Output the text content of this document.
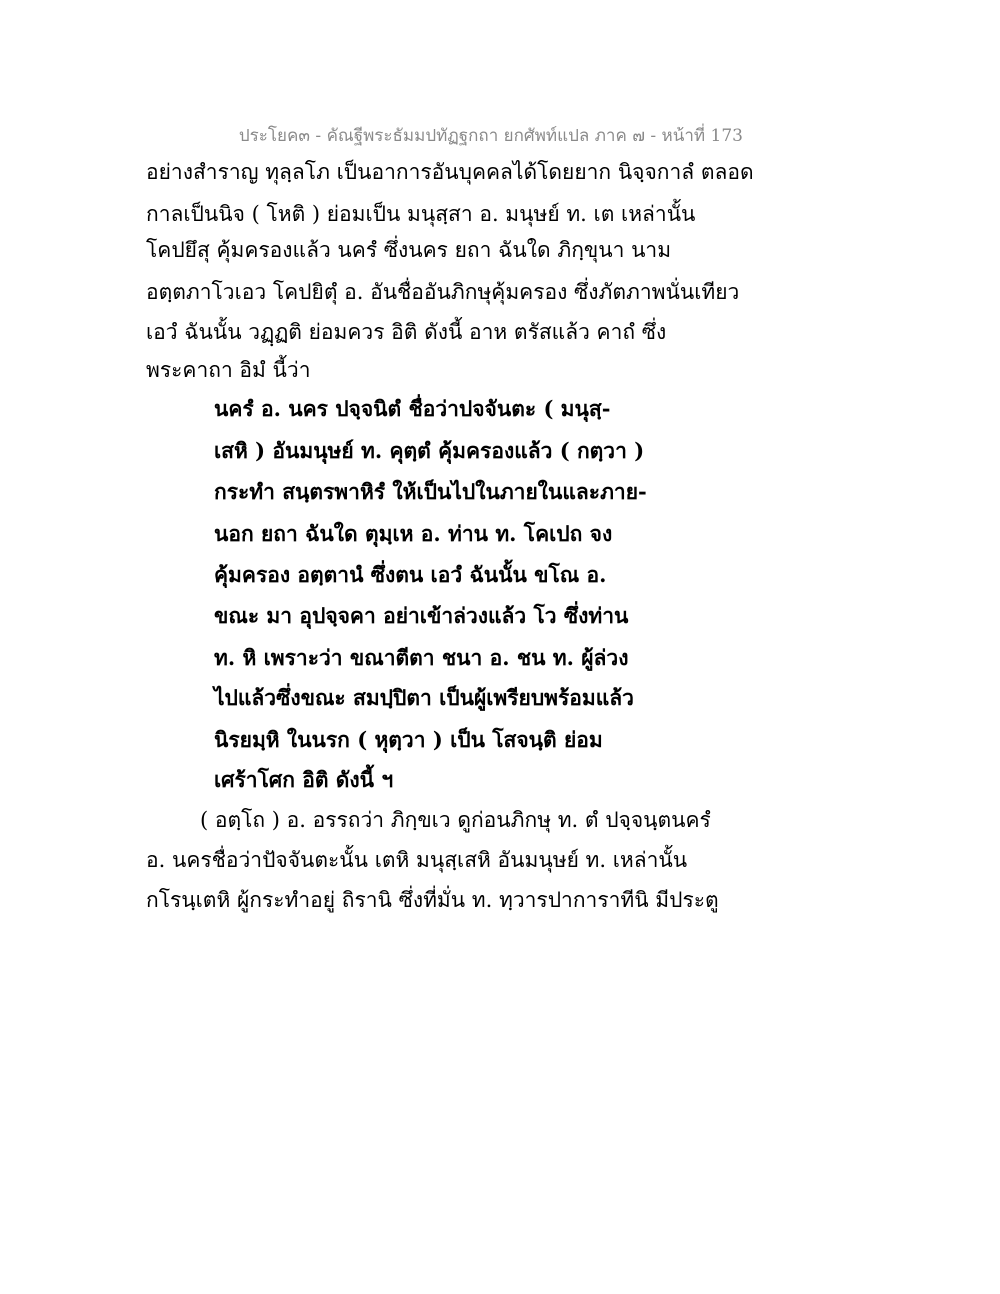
ประโยค๓ - คัณฐีพระธัมมปทัฏฐกถา ยกศัพท์แปล ภาค ๗ - หน้าที่ 173
อย่างสำราญ ทุลฺลโภ เป็นอาการอันบุคคลได้โดยยาก นิจฺจกาลํ ตลอด
กาลเป็นนิจ ( โหติ ) ย่อมเป็น มนุสฺสา อ. มนุษย์ ท. เต เหล่านั้น
โคปยึสุ คุ้มครองแล้ว นครํ ซึ่งนคร ยถา ฉันใด ภิกฺขุนา นาม
อตฺตภาโวเอว โคปยิตุํ อ. อันชื่ออันภิกษุคุ้มครอง ซึ่งภัตภาพนั่นเทียว
เอวํ ฉันนั้น วฏฺฏติ ย่อมควร อิติ ดังนี้ อาห ตรัสแล้ว คาถํ ซึ่ง
พระคาถา อิมํ นี้ว่า
นครํ อ. นคร ปจฺจนิตํ ชื่อว่าปจจันตะ ( มนุสฺ-
เสหิ ) อันมนุษย์ ท. คุตฺตํ คุ้มครองแล้ว ( กตฺวา )
กระทำ สนฺตรพาหิรํ ให้เป็นไปในภายในและภาย-
นอก ยถา ฉันใด ตุมฺเห อ. ท่าน ท. โคเปถ จง
คุ้มครอง อตฺตานํ ซึ่งตน เอวํ ฉันนั้น ขโณ อ.
ขณะ มา อุปจฺจคา อย่าเข้าล่วงแล้ว โว ซึ่งท่าน
ท. หิ เพราะว่า ขณาตีตา ชนา อ. ชน ท. ผู้ล่วง
ไปแล้วซึ่งขณะ สมปฺปิตา เป็นผู้เพรียบพร้อมแล้ว
นิรยมฺหิ ในนรก ( หุตฺวา ) เป็น โสจนฺติ ย่อม
เศร้าโศก อิติ ดังนี้ ฯ
( อตฺโถ ) อ. อรรถว่า ภิกฺขเว ดูก่อนภิกษุ ท. ตํ ปจฺจนฺตนครํ
อ. นครชื่อว่าปัจจันตะนั้น เตหิ มนุสฺเสหิ อันมนุษย์ ท. เหล่านั้น
กโรนฺเตหิ ผู้กระทำอยู่ ถิรานิ ซึ่งที่มั่น ท. ทฺวารปาการาทีนิ มีประตู
